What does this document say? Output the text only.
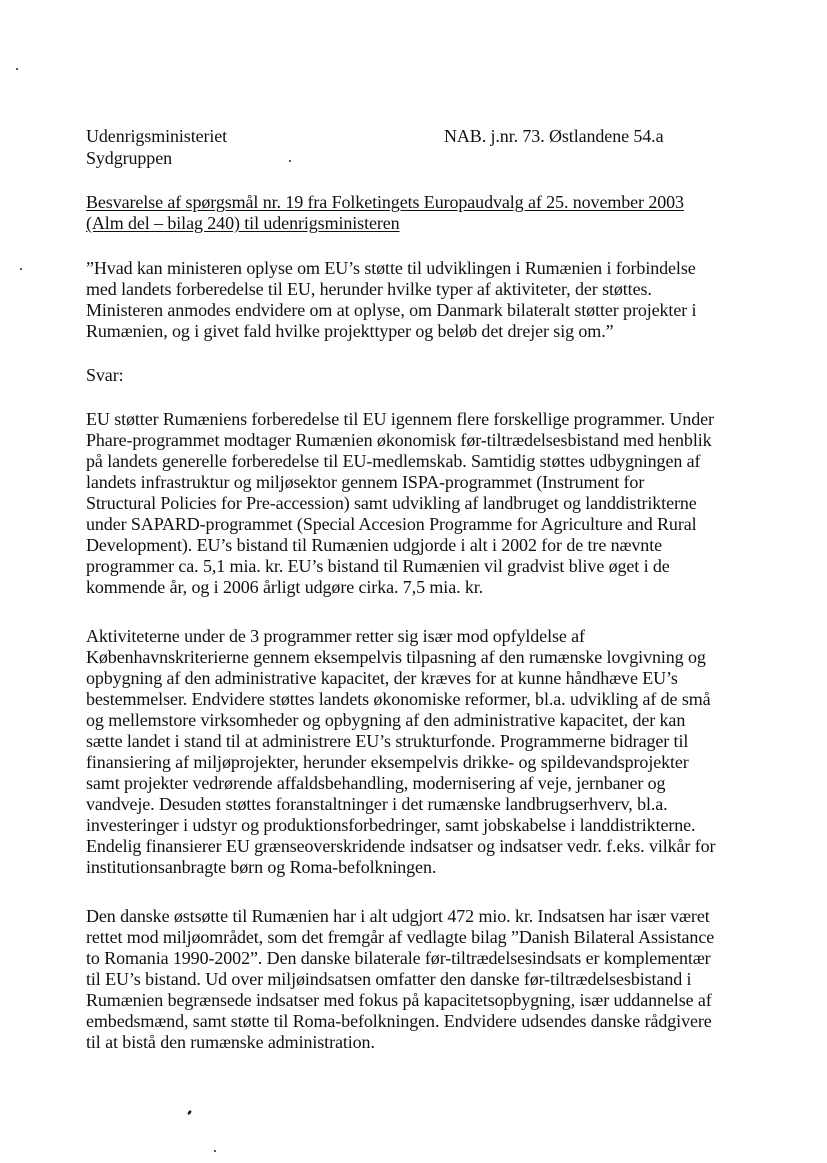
Udenrigsministeriet
Sydgruppen
NAB. j.nr. 73. Østlandene 54.a
Besvarelse af spørgsmål nr. 19 fra Folketingets Europaudvalg af 25. november 2003
(Alm del – bilag 240) til udenrigsministeren
”Hvad kan ministeren oplyse om EU’s støtte til udviklingen i Rumænien i forbindelse
med landets forberedelse til EU, herunder hvilke typer af aktiviteter, der støttes.
Ministeren anmodes endvidere om at oplyse, om Danmark bilateralt støtter projekter i
Rumænien, og i givet fald hvilke projekttyper og beløb det drejer sig om.”
Svar:
EU støtter Rumæniens forberedelse til EU igennem flere forskellige programmer. Under
Phare-programmet modtager Rumænien økonomisk før-tiltrædelsesbistand med henblik
på landets generelle forberedelse til EU-medlemskab. Samtidig støttes udbygningen af
landets infrastruktur og miljøsektor gennem ISPA-programmet (Instrument for
Structural Policies for Pre-accession) samt udvikling af landbruget og landdistrikterne
under SAPARD-programmet (Special Accesion Programme for Agriculture and Rural
Development). EU’s bistand til Rumænien udgjorde i alt i 2002 for de tre nævnte
programmer ca. 5,1 mia. kr. EU’s bistand til Rumænien vil gradvist blive øget i de
kommende år, og i 2006 årligt udgøre cirka. 7,5 mia. kr.
Aktiviteterne under de 3 programmer retter sig især mod opfyldelse af
Københavnskriterierne gennem eksempelvis tilpasning af den rumænske lovgivning og
opbygning af den administrative kapacitet, der kræves for at kunne håndhæve EU’s
bestemmelser. Endvidere støttes landets økonomiske reformer, bl.a. udvikling af de små
og mellemstore virksomheder og opbygning af den administrative kapacitet, der kan
sætte landet i stand til at administrere EU’s strukturfonde. Programmerne bidrager til
finansiering af miljøprojekter, herunder eksempelvis drikke- og spildevandsprojekter
samt projekter vedrørende affaldsbehandling, modernisering af veje, jernbaner og
vandveje. Desuden støttes foranstaltninger i det rumænske landbrugserhverv, bl.a.
investeringer i udstyr og produktionsforbedringer, samt jobskabelse i landdistrikterne.
Endelig finansierer EU grænseoverskridende indsatser og indsatser vedr. f.eks. vilkår for
institutionsanbragte børn og Roma-befolkningen.
Den danske østsøtte til Rumænien har i alt udgjort 472 mio. kr. Indsatsen har især været
rettet mod miljøområdet, som det fremgår af vedlagte bilag ”Danish Bilateral Assistance
to Romania 1990-2002”. Den danske bilaterale før-tiltrædelsesindsats er komplementær
til EU’s bistand. Ud over miljøindsatsen omfatter den danske før-tiltrædelsesbistand i
Rumænien begrænsede indsatser med fokus på kapacitetsopbygning, især uddannelse af
embedsmænd, samt støtte til Roma-befolkningen. Endvidere udsendes danske rådgivere
til at bistå den rumænske administration.
